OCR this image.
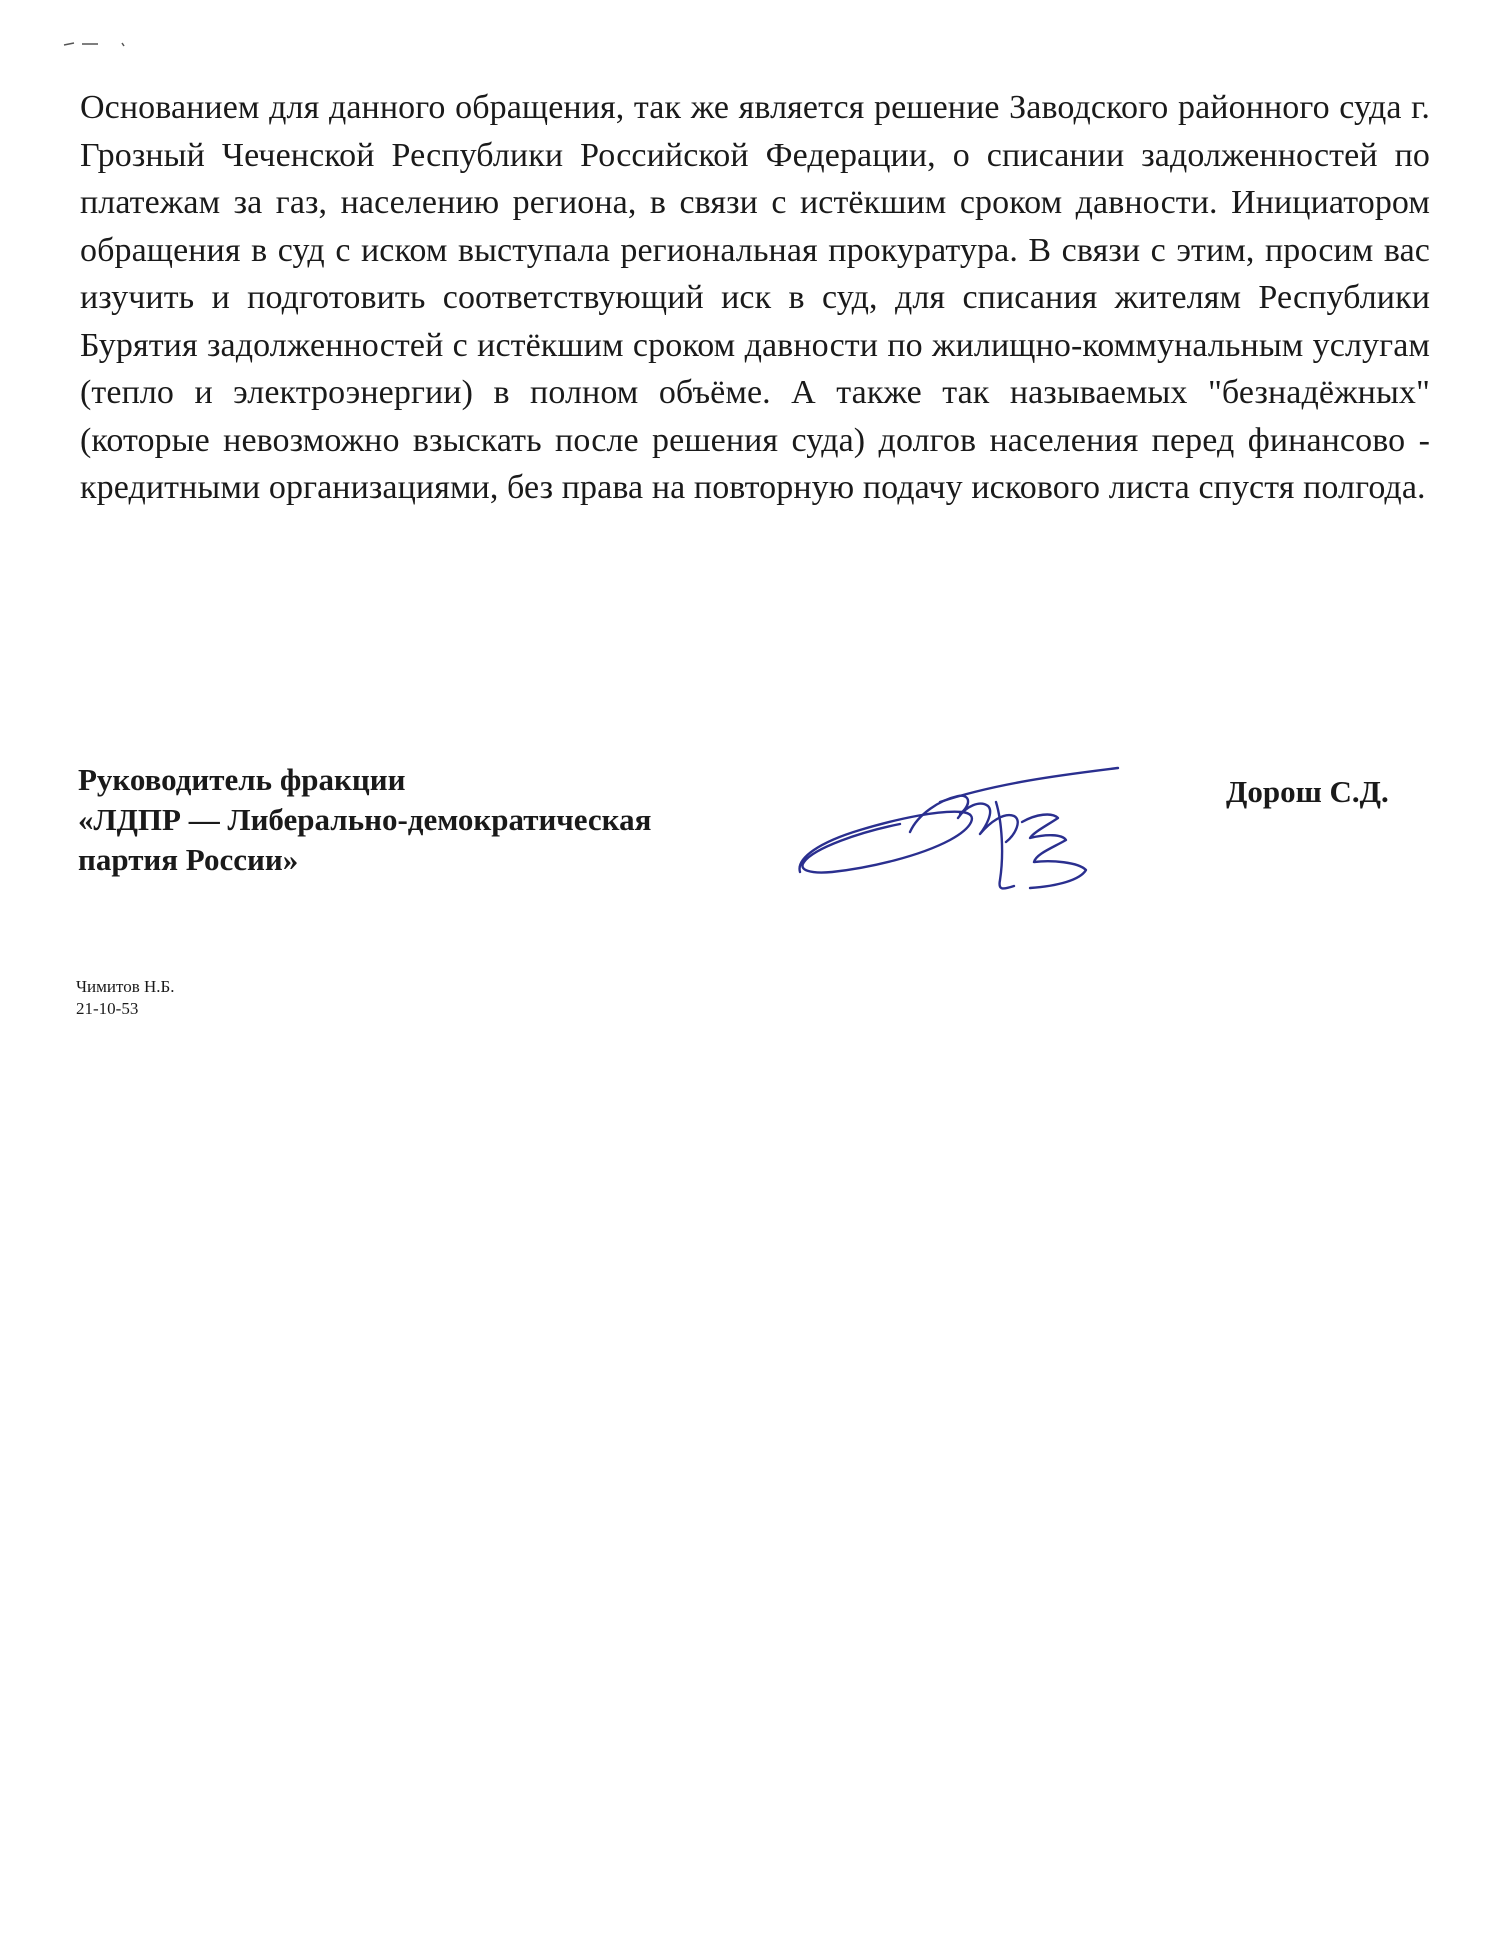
Основанием для данного обращения, так же является решение Заводского районного суда г. Грозный Чеченской Республики Российской Федерации, о списании задолженностей по платежам за газ, населению региона, в связи с истёкшим сроком давности. Инициатором обращения в суд с иском выступала региональная прокуратура. В связи с этим, просим вас изучить и подготовить соответствующий иск в суд, для списания жителям Республики Бурятия задолженностей с истёкшим сроком давности по жилищно-коммунальным услугам (тепло и электроэнергии) в полном объёме. А также так называемых "безнадёжных" (которые невозможно взыскать после решения суда) долгов населения перед финансово - кредитными организациями, без права на повторную подачу искового листа спустя полгода.

Руководитель фракции
«ЛДПР — Либерально-демократическая
партия России»
Дорош С.Д.
Чимитов Н.Б.
21-10-53
